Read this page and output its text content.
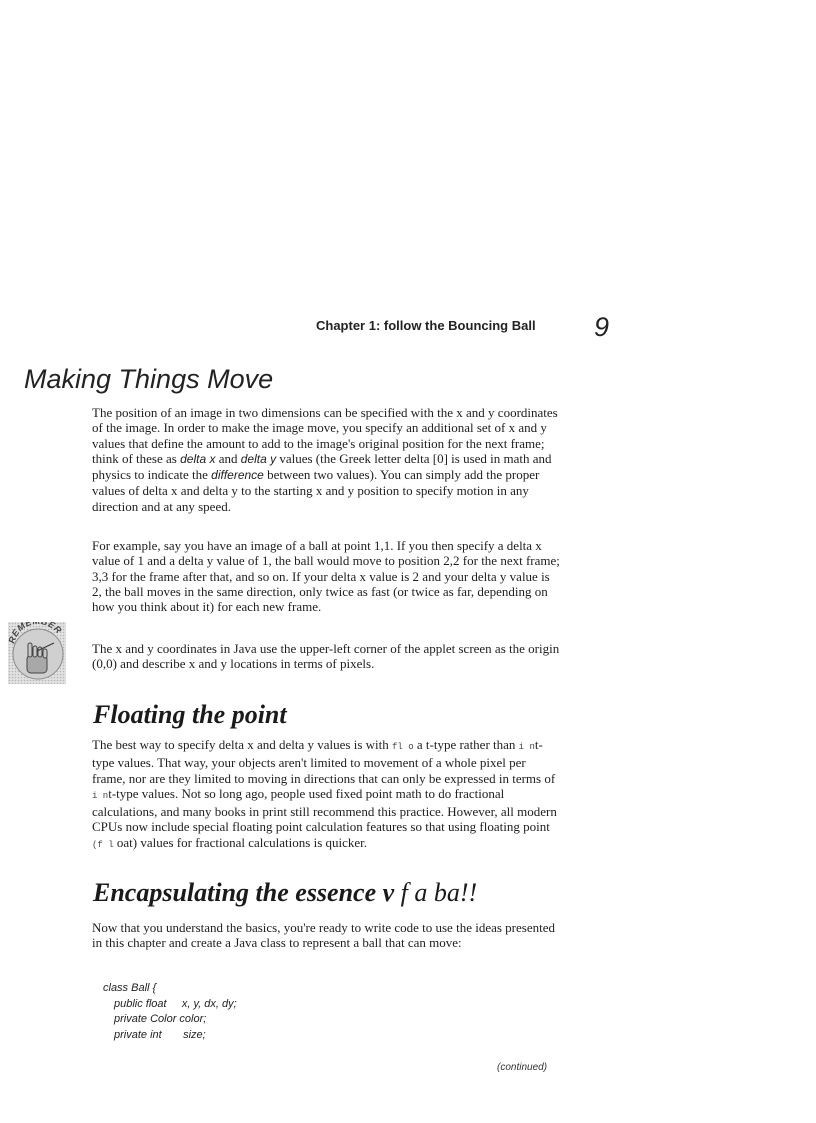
Chapter 1: follow the Bouncing Ball 9
Making Things Move

The position of an image in two dimensions can be specified with the x and y coordinates of the image. In order to make the image move, you specify an additional set of x and y values that define the amount to add to the image's original position for the next frame; think of these as delta x and delta y values (the Greek letter delta [0] is used in math and physics to indicate the difference between two values). You can simply add the proper values of delta x and delta y to the starting x and y position to specify motion in any direction and at any speed.

For example, say you have an image of a ball at point 1,1. If you then specify a delta x value of 1 and a delta y value of 1, the ball would move to position 2,2 for the next frame; 3,3 for the frame after that, and so on. If your delta x value is 2 and your delta y value is 2, the ball moves in the same direction, only twice as fast (or twice as far, depending on how you think about it) for each new frame.

EME ER

The x and y coordinates in Java use the upper-left corner of the applet screen as the origin (0,0) and describe x and y locations in terms of pixels.

Floating the point

The best way to specify delta x and delta y values is with fl o a t-type rather than i nt-type values. That way, your objects aren't limited to movement of a whole pixel per frame, nor are they limited to moving in directions that can only be expressed in terms of i nt-type values. Not so long ago, people used fixed point math to do fractional calculations, and many books in print still recommend this practice. However, all modern CPUs now include special floating point calculation features so that using floating point (f l oat) values for fractional calculations is quicker.

Encapsulating the essence v f a ba!!

Now that you understand the basics, you're ready to write code to use the ideas presented in this chapter and create a Java class to represent a ball that can move:

class Ball {
public float     x, y, dx, dy;
private Color color;
private int       size;
(continued)
